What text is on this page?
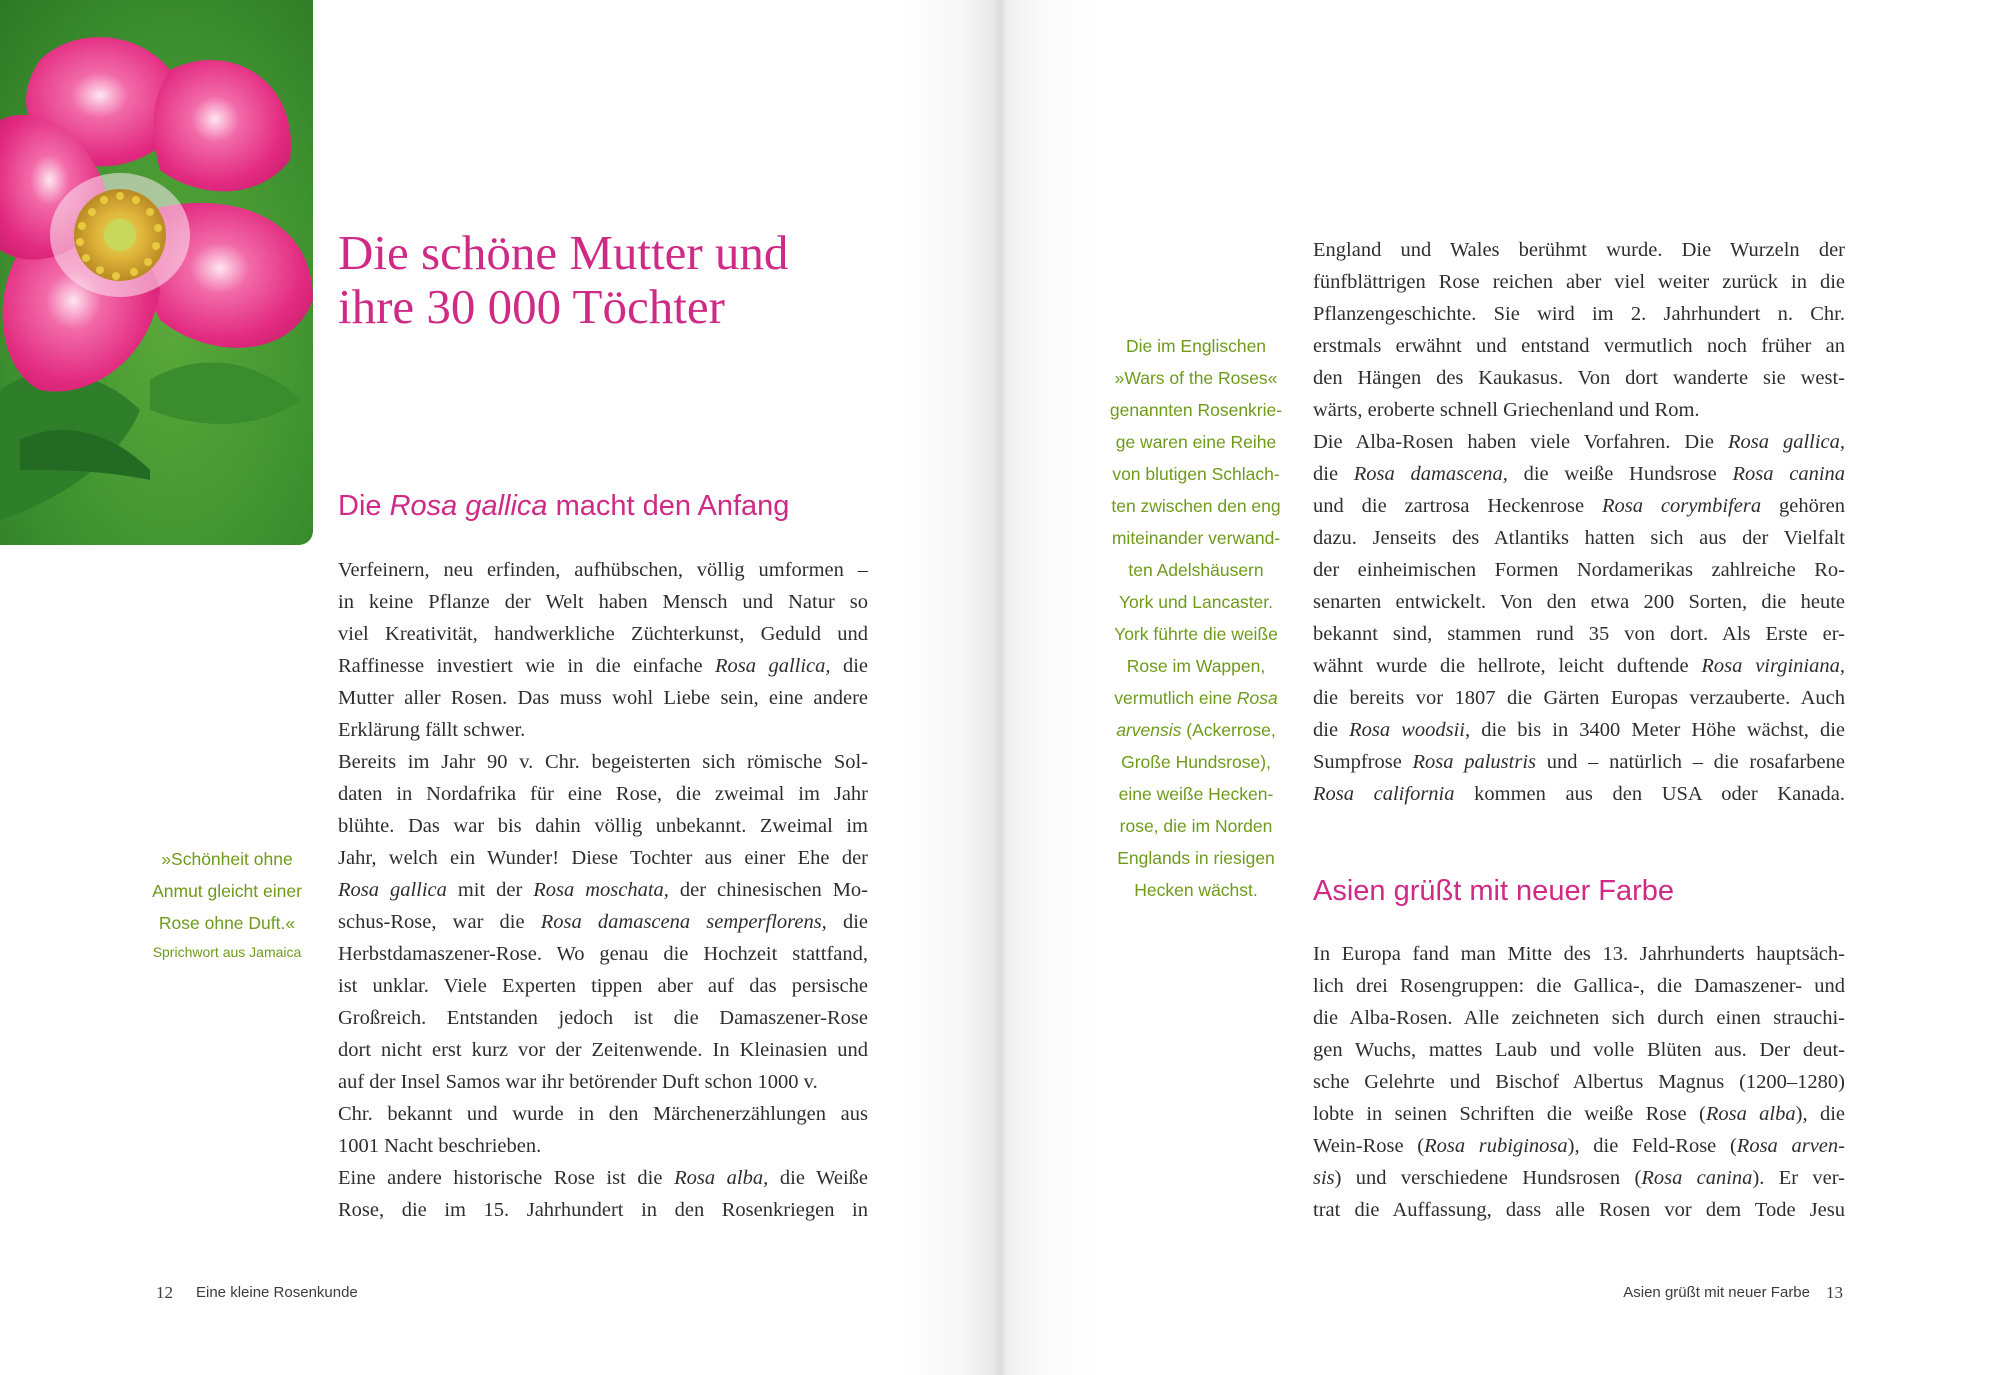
Die schöne Mutter und
ihre 30 000 Töchter
Die Rosa gallica macht den Anfang
»Schönheit ohne
Anmut gleicht einer
Rose ohne Duft.«
Sprichwort aus Jamaica
Verfeinern, neu erfinden, aufhübschen, völlig umformen –
in keine Pflanze der Welt haben Mensch und Natur so
viel Kreativität, handwerkliche Züchterkunst, Geduld und
Raffinesse investiert wie in die einfache Rosa gallica, die
Mutter aller Rosen. Das muss wohl Liebe sein, eine andere
Erklärung fällt schwer.
Bereits im Jahr 90 v. Chr. begeisterten sich römische Sol-
daten in Nordafrika für eine Rose, die zweimal im Jahr
blühte. Das war bis dahin völlig unbekannt. Zweimal im
Jahr, welch ein Wunder! Diese Tochter aus einer Ehe der
Rosa gallica mit der Rosa moschata, der chinesischen Mo-
schus-Rose, war die Rosa damascena semperflorens, die
Herbstdamaszener-Rose. Wo genau die Hochzeit stattfand,
ist unklar. Viele Experten tippen aber auf das persische
Großreich. Entstanden jedoch ist die Damaszener-Rose
dort nicht erst kurz vor der Zeitenwende. In Kleinasien und
auf der Insel Samos war ihr betörender Duft schon 1000 v.
Chr. bekannt und wurde in den Märchenerzählungen aus
1001 Nacht beschrieben.
Eine andere historische Rose ist die Rosa alba, die Weiße
Rose, die im 15. Jahrhundert in den Rosenkriegen in
12 Eine kleine Rosenkunde
Die im Englischen
»Wars of the Roses«
genannten Rosenkrie-
ge waren eine Reihe
von blutigen Schlach-
ten zwischen den eng
miteinander verwand-
ten Adelshäusern
York und Lancaster.
York führte die weiße
Rose im Wappen,
vermutlich eine Rosa
arvensis (Ackerrose,
Große Hundsrose),
eine weiße Hecken-
rose, die im Norden
Englands in riesigen
Hecken wächst.
England und Wales berühmt wurde. Die Wurzeln der
fünfblättrigen Rose reichen aber viel weiter zurück in die
Pflanzengeschichte. Sie wird im 2. Jahrhundert n. Chr.
erstmals erwähnt und entstand vermutlich noch früher an
den Hängen des Kaukasus. Von dort wanderte sie west-
wärts, eroberte schnell Griechenland und Rom.
Die Alba-Rosen haben viele Vorfahren. Die Rosa gallica,
die Rosa damascena, die weiße Hundsrose Rosa canina
und die zartrosa Heckenrose Rosa corymbifera gehören
dazu. Jenseits des Atlantiks hatten sich aus der Vielfalt
der einheimischen Formen Nordamerikas zahlreiche Ro-
senarten entwickelt. Von den etwa 200 Sorten, die heute
bekannt sind, stammen rund 35 von dort. Als Erste er-
wähnt wurde die hellrote, leicht duftende Rosa virginiana,
die bereits vor 1807 die Gärten Europas verzauberte. Auch
die Rosa woodsii, die bis in 3400 Meter Höhe wächst, die
Sumpfrose Rosa palustris und – natürlich – die rosafarbene
Rosa california kommen aus den USA oder Kanada.
Asien grüßt mit neuer Farbe
In Europa fand man Mitte des 13. Jahrhunderts hauptsäch-
lich drei Rosengruppen: die Gallica-, die Damaszener- und
die Alba-Rosen. Alle zeichneten sich durch einen strauchi-
gen Wuchs, mattes Laub und volle Blüten aus. Der deut-
sche Gelehrte und Bischof Albertus Magnus (1200–1280)
lobte in seinen Schriften die weiße Rose (Rosa alba), die
Wein-Rose (Rosa rubiginosa), die Feld-Rose (Rosa arven-
sis) und verschiedene Hundsrosen (Rosa canina). Er ver-
trat die Auffassung, dass alle Rosen vor dem Tode Jesu
Asien grüßt mit neuer Farbe 13
